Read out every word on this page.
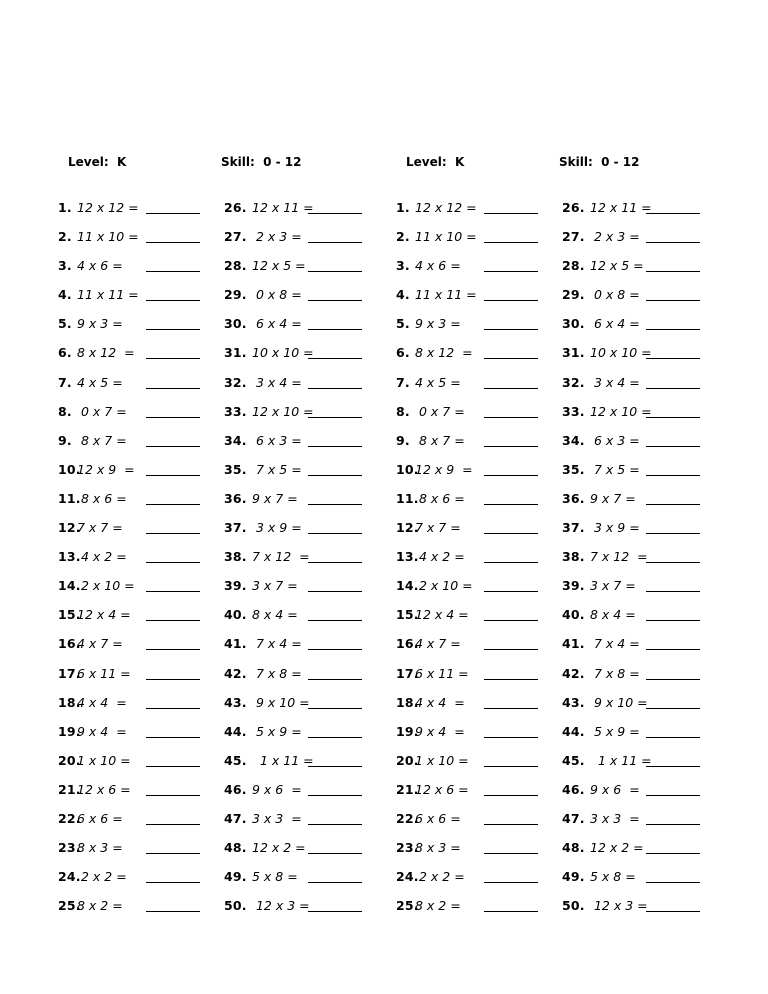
Level:  K	Skill:  0 - 12
1. 12 x 12 =
2. 11 x 10 =
3. 4 x 6 =
4. 11 x 11 =
5. 9 x 3 =
6. 8 x 12  =
7. 4 x 5 =
8. 0 x 7 =
9. 8 x 7 =
10.
12 x 9  =
11.
8 x 6 =
12.
7 x 7 =
13.
4 x 2 =
14.
2 x 10 =
15.
12 x 4 =
16.
4 x 7 =
17.
6 x 11 =
18.
4 x 4  =
19.
9 x 4  =
20.
1 x 10 =
21.
12 x 6 =
22.
6 x 6 =
23.
8 x 3 =
24.
2 x 2 =
25.
8 x 2 =
26. 12 x 11 =
27. 2 x 3 =
28. 12 x 5 =
29. 0 x 8 =
30. 6 x 4 =
31. 10 x 10 =
32. 3 x 4 =
33. 12 x 10 =
34. 6 x 3 =
35. 7 x 5 =
36. 9 x 7 =
37. 3 x 9 =
38. 7 x 12  =
39. 3 x 7 =
40. 8 x 4 =
41. 7 x 4 =
42. 7 x 8 =
43. 9 x 10 =
44. 5 x 9 =
45. 1 x 11 =
46. 9 x 6  =
47. 3 x 3  =
48. 12 x 2 =
49. 5 x 8 =
50. 12 x 3 =
Level:  K	Skill:  0 - 12
1. 12 x 12 =
2. 11 x 10 =
3. 4 x 6 =
4. 11 x 11 =
5. 9 x 3 =
6. 8 x 12  =
7. 4 x 5 =
8. 0 x 7 =
9. 8 x 7 =
10.
12 x 9  =
11.
8 x 6 =
12.
7 x 7 =
13.
4 x 2 =
14.
2 x 10 =
15.
12 x 4 =
16.
4 x 7 =
17.
6 x 11 =
18.
4 x 4  =
19.
9 x 4  =
20.
1 x 10 =
21.
12 x 6 =
22.
6 x 6 =
23.
8 x 3 =
24.
2 x 2 =
25.
8 x 2 =
26. 12 x 11 =
27. 2 x 3 =
28. 12 x 5 =
29. 0 x 8 =
30. 6 x 4 =
31. 10 x 10 =
32. 3 x 4 =
33. 12 x 10 =
34. 6 x 3 =
35. 7 x 5 =
36. 9 x 7 =
37. 3 x 9 =
38. 7 x 12  =
39. 3 x 7 =
40. 8 x 4 =
41. 7 x 4 =
42. 7 x 8 =
43. 9 x 10 =
44. 5 x 9 =
45. 1 x 11 =
46. 9 x 6  =
47. 3 x 3  =
48. 12 x 2 =
49. 5 x 8 =
50. 12 x 3 =
